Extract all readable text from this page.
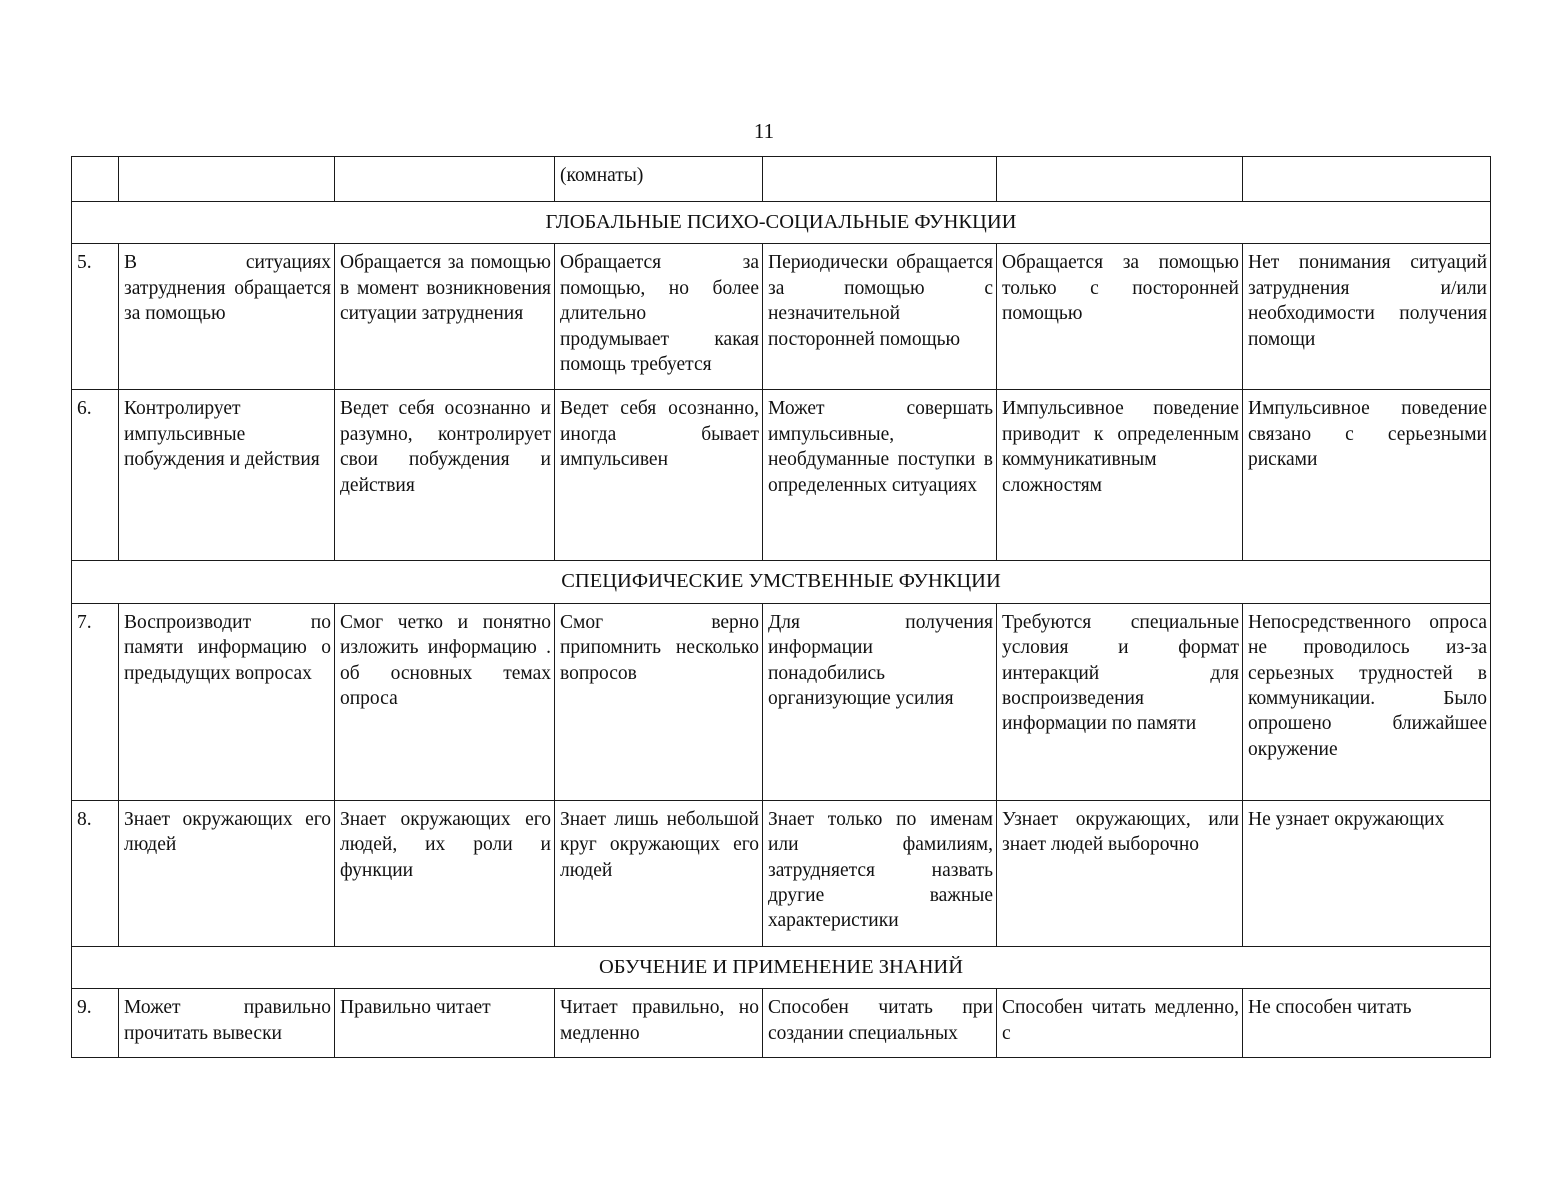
11
			(комнаты)			
ГЛОБАЛЬНЫЕ ПСИХО-СОЦИАЛЬНЫЕ ФУНКЦИИ						
5.	В ситуациях затруднения обращается за помощью	Обращается за помощью в момент возникновения ситуации затруднения	Обращается за помощью, но более длительно продумывает какая помощь требуется	Периодически обращается за помощью с незначительной посторонней помощью	Обращается за помощью только с посторонней помощью	Нет понимания ситуаций затруднения и/или необходимости получения помощи
6.	Контролирует импульсивные побуждения и действия	Ведет себя осознанно и разумно, контролирует свои побуждения и действия	Ведет себя осознанно, иногда бывает импульсивен	Может совершать импульсивные, необдуманные поступки в определенных ситуациях	Импульсивное поведение приводит к определенным коммуникативным сложностям	Импульсивное поведение связано с серьезными рисками
СПЕЦИФИЧЕСКИЕ УМСТВЕННЫЕ ФУНКЦИИ						
7.	Воспроизводит по памяти информацию о предыдущих вопросах	Смог четко и понятно изложить информацию . об основных темах опроса	Смог верно припомнить несколько вопросов	Для получения информации понадобились организующие усилия	Требуются специальные условия и формат интеракций для воспроизведения информации по памяти	Непосредственного опроса не проводилось из-за серьезных трудностей в коммуникации. Было опрошено ближайшее окружение
8.	Знает окружающих его людей	Знает окружающих его людей, их роли и функции	Знает лишь небольшой круг окружающих его людей	Знает только по именам или фамилиям, затрудняется назвать другие важные характеристики	Узнает окружающих, или знает людей выборочно	Не узнает окружающих
ОБУЧЕНИЕ И ПРИМЕНЕНИЕ ЗНАНИЙ						
9.	Может правильно прочитать вывески	Правильно читает	Читает правильно, но медленно	Способен читать при создании специальных	Способен читать медленно, с	Не способен читать
